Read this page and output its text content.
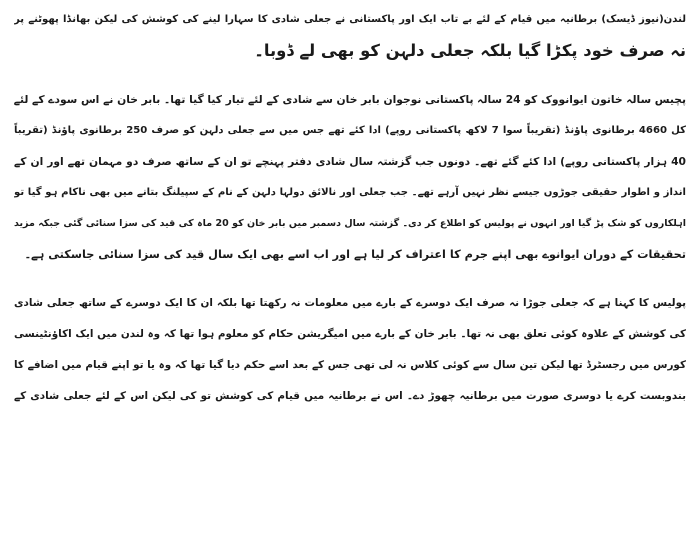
لندن(نیوز ڈیسک) برطانیہ میں قیام کے لئے بے تاب ایک اور پاکستانی نے جعلی شادی کا سہارا لینے کی کوشش کی لیکن بھانڈا پھوٹنے پر
نہ صرف خود پکڑا گیا بلکہ جعلی دلہن کو بھی لے ڈوبا۔
پچیس سالہ خاتون ایوانووک کو 24 سالہ پاکستانی نوجوان بابر خان سے شادی کے لئے تیار کیا گیا تھا۔ بابر خان نے اس سودے کے لئے
کل 4660 برطانوی پاؤنڈ (تقریباً سوا 7 لاکھ پاکستانی روپے) ادا کئے تھے جس میں سے جعلی دلہن کو صرف 250 برطانوی پاؤنڈ (تقریباً
40 ہزار پاکستانی روپے) ادا کئے گئے تھے۔ دونوں جب گزشتہ سال شادی دفتر پہنچے تو ان کے ساتھ صرف دو مہمان تھے اور ان کے
انداز و اطوار حقیقی جوڑوں جیسے نظر نہیں آرہے تھے۔ جب جعلی اور نالائق دولہا دلہن کے نام کے سپیلنگ بتانے میں بھی ناکام ہو گیا تو
اہلکاروں کو شک پڑ گیا اور انہوں نے پولیس کو اطلاع کر دی۔ گزشتہ سال دسمبر میں بابر خان کو 20 ماہ کی قید کی سزا سنائی گئی جبکہ مزید
تحقیقات کے دوران ایوانوے بھی اپنے جرم کا اعتراف کر لیا ہے اور اب اسے بھی ایک سال قید کی سزا سنائی جاسکتی ہے۔
پولیس کا کہنا ہے کہ جعلی جوڑا نہ صرف ایک دوسرے کے بارے میں معلومات نہ رکھتا تھا بلکہ ان کا ایک دوسرے کے ساتھ جعلی شادی
کی کوشش کے علاوہ کوئی تعلق بھی نہ تھا۔ بابر خان کے بارے میں امیگریشن حکام کو معلوم ہوا تھا کہ وہ لندن میں ایک اکاؤنٹینسی
کورس میں رجسٹرڈ تھا لیکن تین سال سے کوئی کلاس نہ لی تھی جس کے بعد اسے حکم دیا گیا تھا کہ وہ یا تو اپنے قیام میں اضافے کا
بندوبست کرے یا دوسری صورت میں برطانیہ چھوڑ دے۔ اس نے برطانیہ میں قیام کی کوشش تو کی لیکن اس کے لئے جعلی شادی کے
